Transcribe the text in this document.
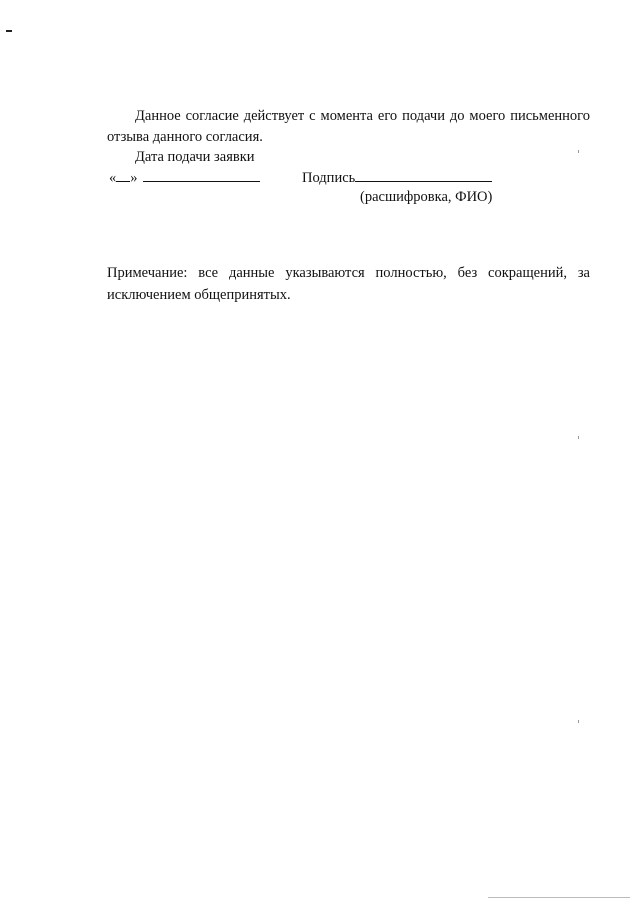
Данное согласие действует с момента его подачи до моего письменного отзыва данного согласия.

Дата подачи заявки
« »	Подпись
(расшифровка, ФИО)

Примечание: все данные указываются полностью, без сокращений, за исключением общепринятых.
